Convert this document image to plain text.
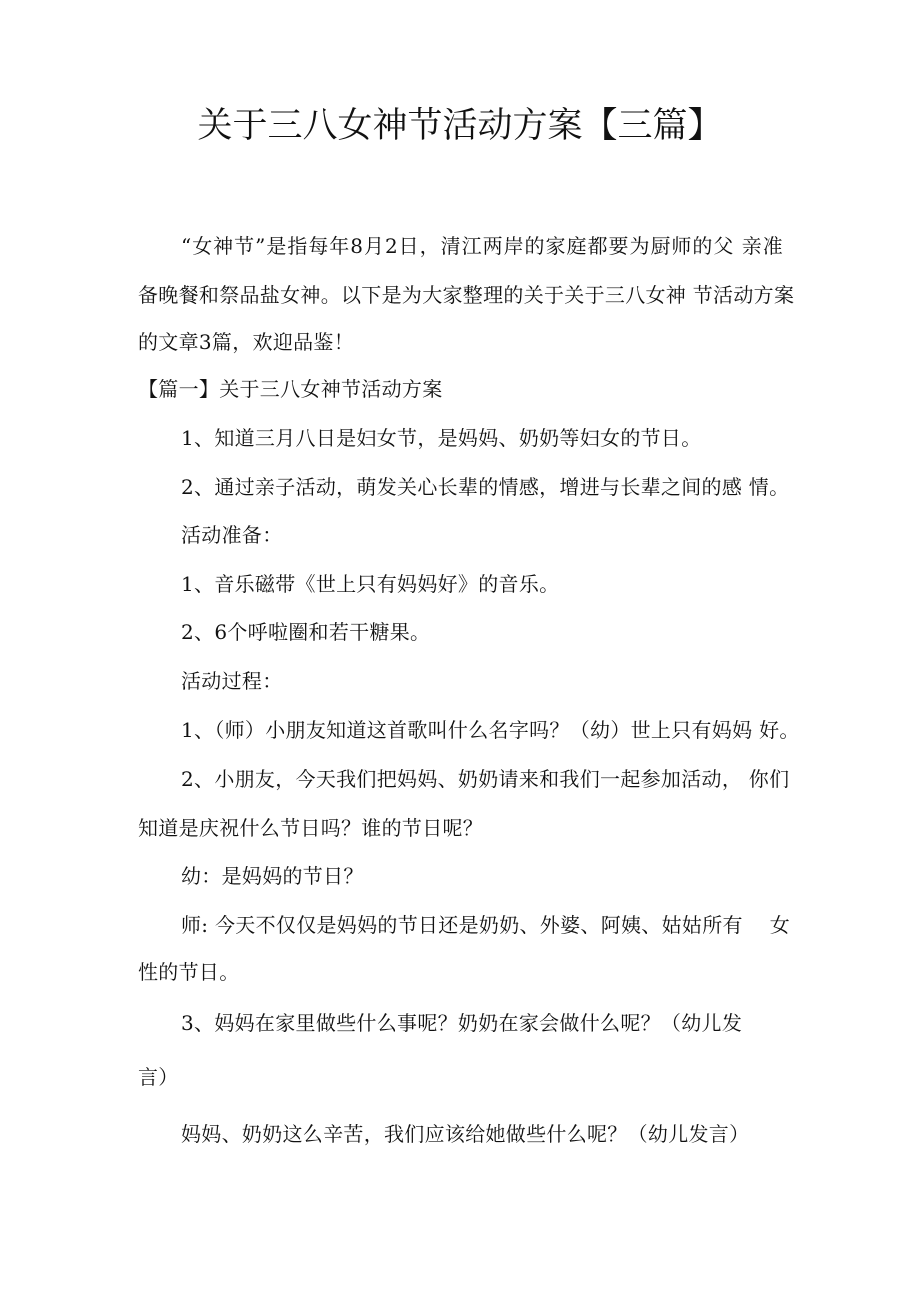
关于三八女神节活动方案【三篇】
“女神节”是指每年8月2日，清江两岸的家庭都要为厨师的父 亲准
备晚餐和祭品盐女神。以下是为大家整理的关于关于三八女神 节活动方案
的文章3篇，欢迎品鉴！
【篇一】关于三八女神节活动方案
1、知道三月八日是妇女节，是妈妈、奶奶等妇女的节日。
2、通过亲子活动，萌发关心长辈的情感，增进与长辈之间的感 情。
活动准备：
1、音乐磁带《世上只有妈妈好》的音乐。
2、6个呼啦圈和若干糖果。
活动过程：
1、（师）小朋友知道这首歌叫什么名字吗？（幼）世上只有妈妈 好。
2、小朋友，今天我们把妈妈、奶奶请来和我们一起参加活动， 你们
知道是庆祝什么节日吗？谁的节日呢？
幼：是妈妈的节日？
师: 今天不仅仅是妈妈的节日还是奶奶、外婆、阿姨、姑姑所有　 女
性的节日。
3、妈妈在家里做些什么事呢？奶奶在家会做什么呢？（幼儿发
言）
妈妈、奶奶这么辛苦，我们应该给她做些什么呢？（幼儿发言）
